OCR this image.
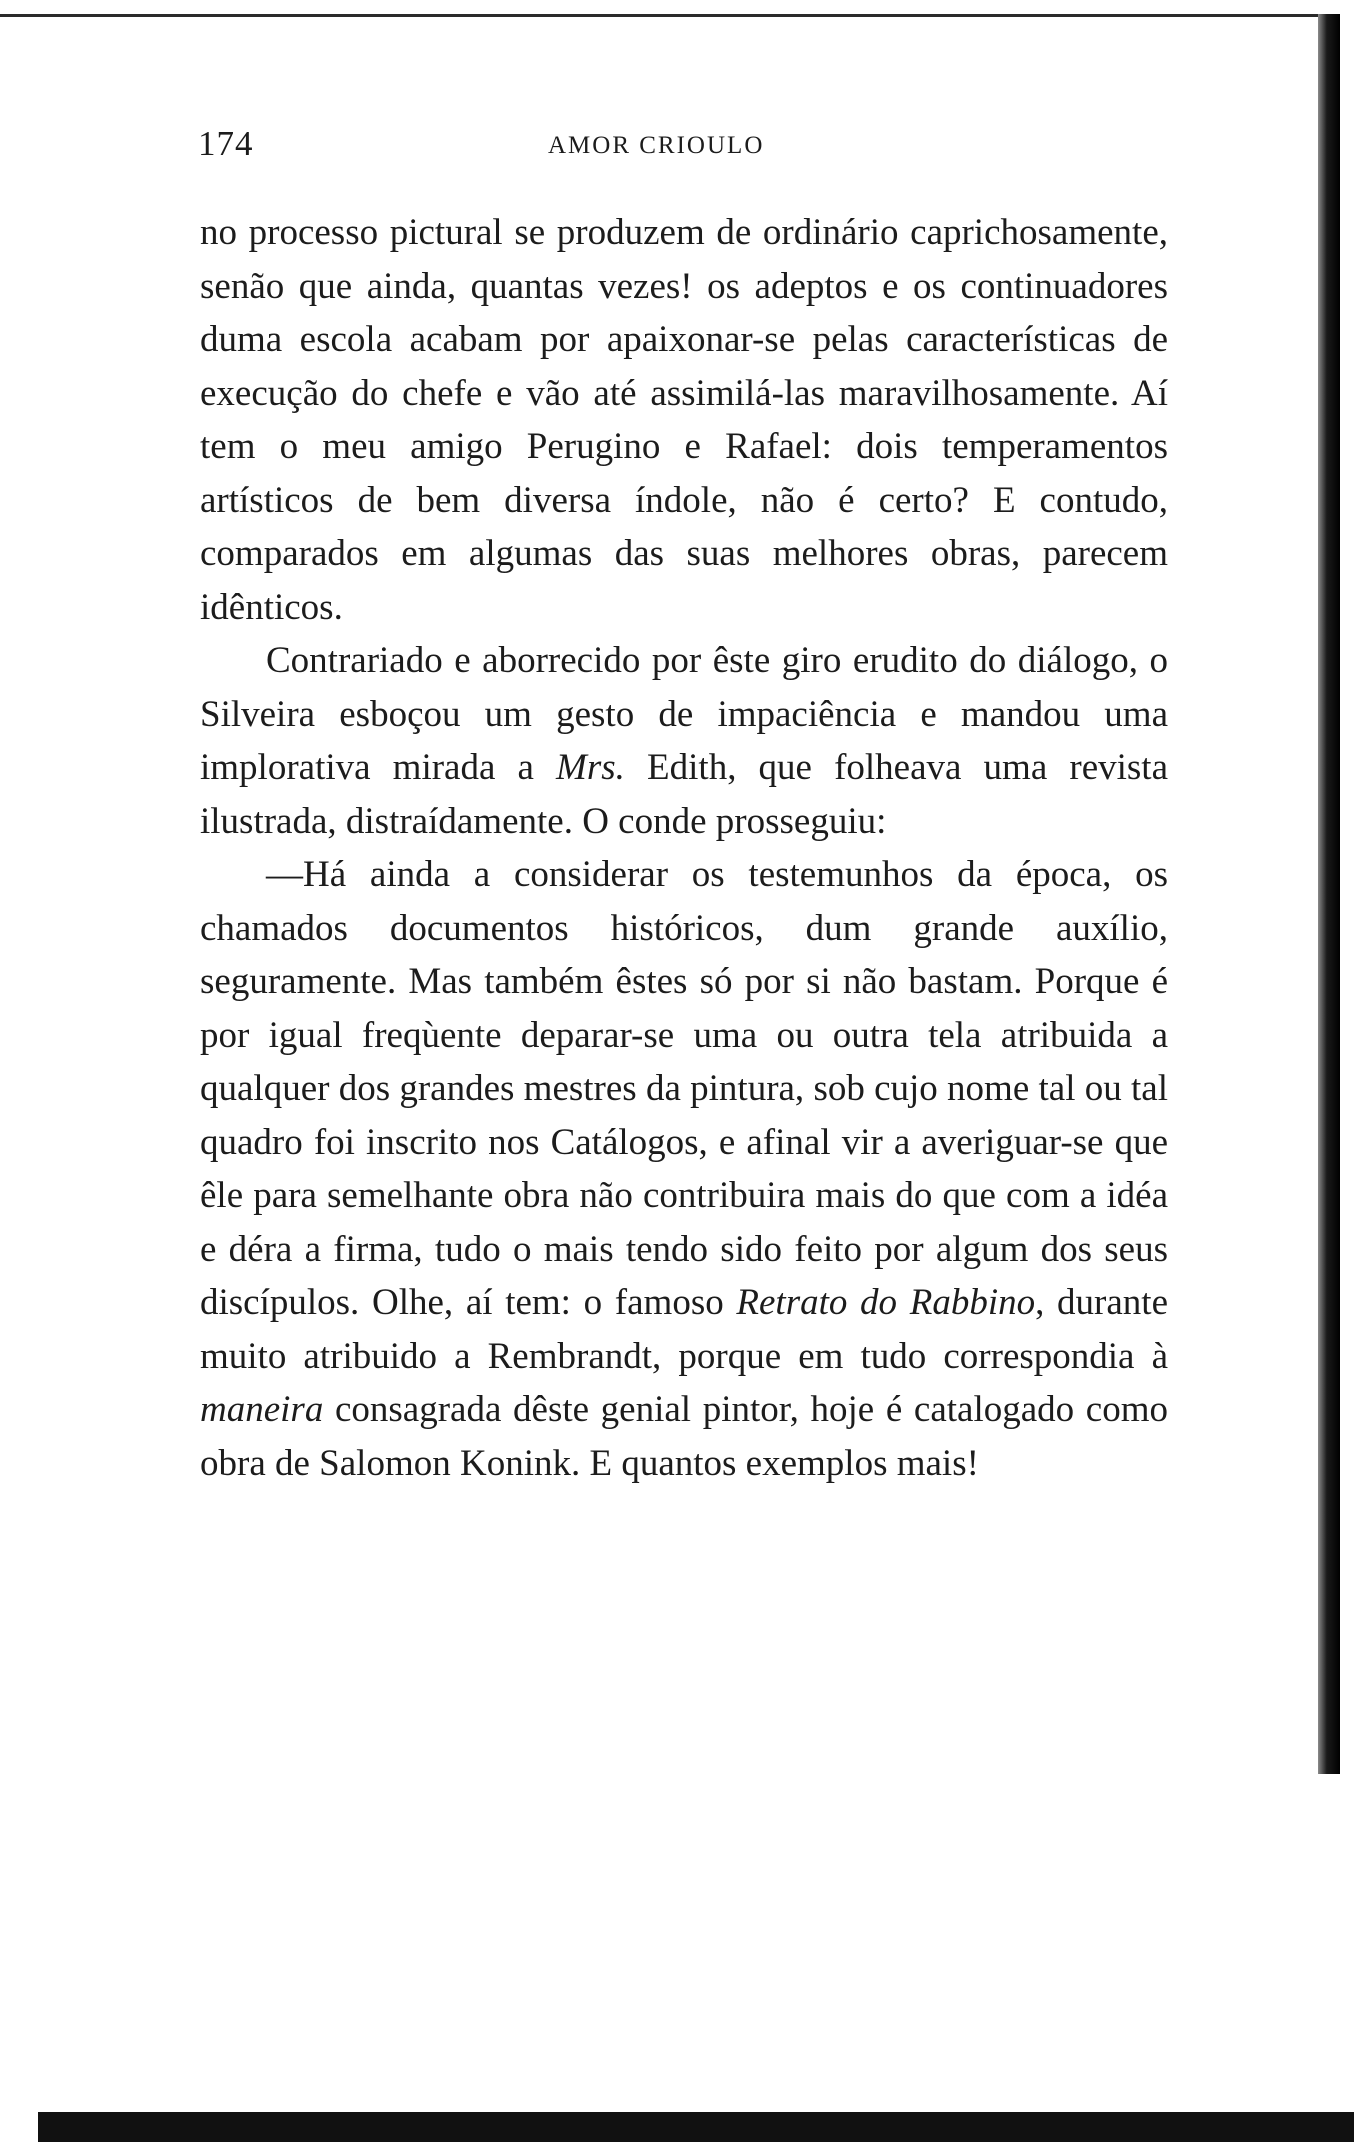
174	AMOR CRIOULO

no processo pictural se produzem de ordinário caprichosamente, senão que ainda, quantas vezes! os adeptos e os continuadores duma escola acabam por apaixonar-se pelas características de execução do chefe e vão até assimilá-las maravilhosamente. Aí tem o meu amigo Perugino e Rafael: dois temperamentos artísticos de bem diversa índole, não é certo? E contudo, comparados em algumas das suas melhores obras, parecem idênticos.

Contrariado e aborrecido por êste giro erudito do diálogo, o Silveira esboçou um gesto de impaciência e mandou uma implorativa mirada a Mrs. Edith, que folheava uma revista ilustrada, distraídamente. O conde prosseguiu:

—Há ainda a considerar os testemunhos da época, os chamados documentos históricos, dum grande auxílio, seguramente. Mas também êstes só por si não bastam. Porque é por igual freqùente deparar-se uma ou outra tela atribuida a qualquer dos grandes mestres da pintura, sob cujo nome tal ou tal quadro foi inscrito nos Catálogos, e afinal vir a averiguar-se que êle para semelhante obra não contribuira mais do que com a idéa e déra a firma, tudo o mais tendo sido feito por algum dos seus discípulos. Olhe, aí tem: o famoso Retrato do Rabbino, durante muito atribuido a Rembrandt, porque em tudo correspondia à maneira consagrada dêste genial pintor, hoje é catalogado como obra de Salomon Konink. E quantos exemplos mais!
